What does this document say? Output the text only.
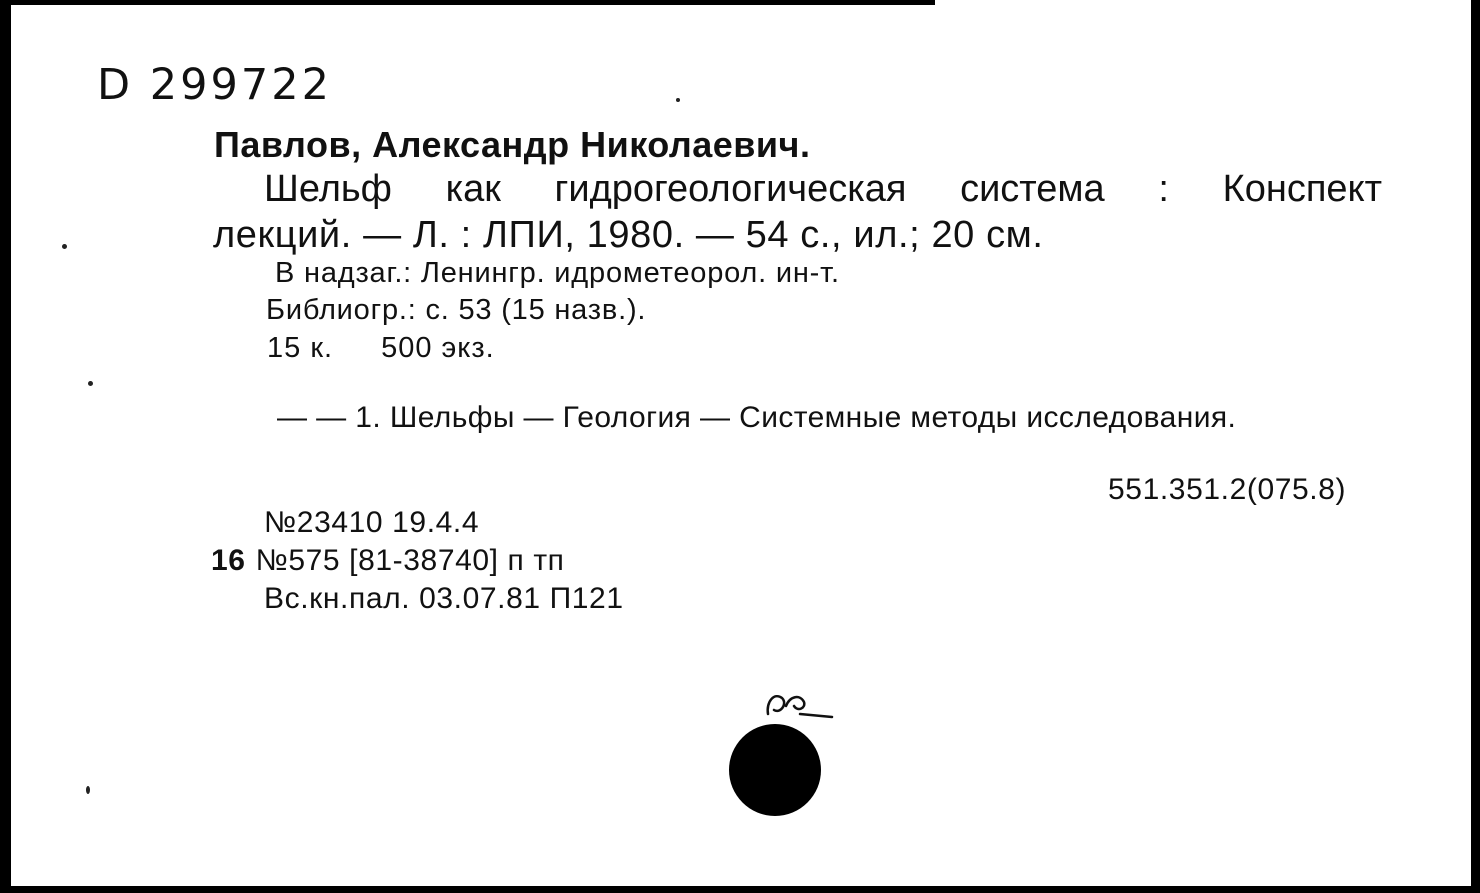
D 299722
Павлов, Александр Николаевич.
Шельф как гидрогеологическая система : Конспект
лекций. — Л. : ЛПИ, 1980. — 54 с., ил.; 20 см.
В надзаг.: Ленингр. идрометеорол. ин-т.
Библиогр.: с. 53 (15 назв.).
15 к. 500 экз.
— — 1. Шельфы — Геология — Системные методы исследования.
551.351.2(075.8)
№23410 19.4.4
16 №575 [81-38740] п тп
Вс.кн.пал. 03.07.81 П121
